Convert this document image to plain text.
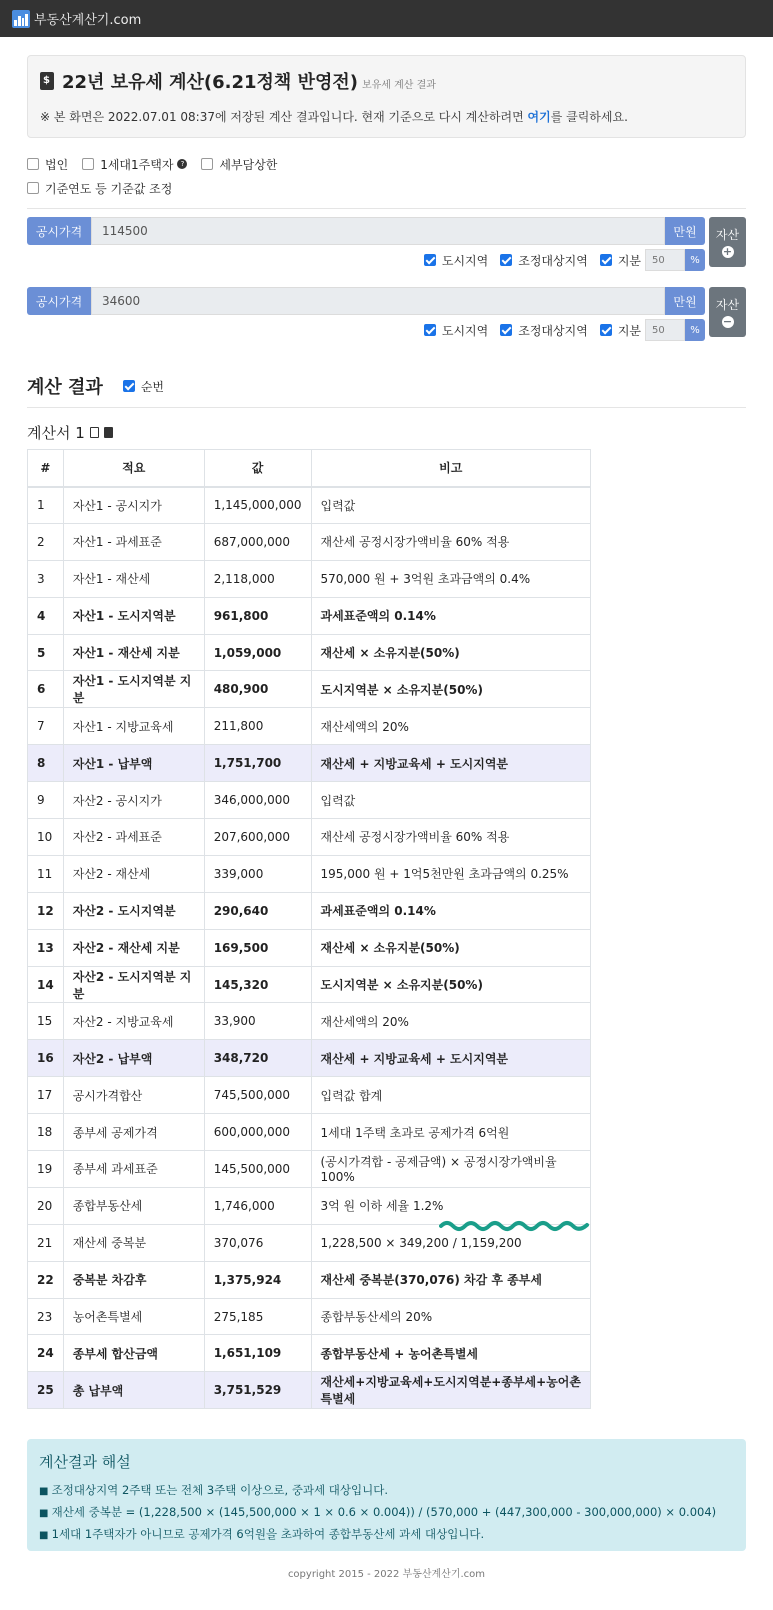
부동산계산기.com
$
22년 보유세 계산(6.21정책 반영전) 보유세 계산 결과
※ 본 화면은 2022.07.01 08:37에 저장된 계산 결과입니다. 현재 기준으로 다시 계산하려면 여기를 클릭하세요.
법인	1세대1주택자	?	세부담상한
기준연도 등 기준값 조정
공시가격	114500	만원
도시지역	조정대상지역	지분	50	%
자산
+
공시가격	34600	만원
도시지역	조정대상지역	지분	50	%
자산
−
계산 결과	순번
계산서 1
#	적요	값	비고
1	자산1 - 공시지가	1,145,000,000	입력값
2	자산1 - 과세표준	687,000,000	재산세 공정시장가액비율 60% 적용
3	자산1 - 재산세	2,118,000	570,000 원 + 3억원 초과금액의 0.4%
4	자산1 - 도시지역분	961,800	과세표준액의 0.14%
5	자산1 - 재산세 지분	1,059,000	재산세 × 소유지분(50%)
6	자산1 - 도시지역분 지분	480,900	도시지역분 × 소유지분(50%)
7	자산1 - 지방교육세	211,800	재산세액의 20%
8	자산1 - 납부액	1,751,700	재산세 + 지방교육세 + 도시지역분
9	자산2 - 공시지가	346,000,000	입력값
10	자산2 - 과세표준	207,600,000	재산세 공정시장가액비율 60% 적용
11	자산2 - 재산세	339,000	195,000 원 + 1억5천만원 초과금액의 0.25%
12	자산2 - 도시지역분	290,640	과세표준액의 0.14%
13	자산2 - 재산세 지분	169,500	재산세 × 소유지분(50%)
14	자산2 - 도시지역분 지분	145,320	도시지역분 × 소유지분(50%)
15	자산2 - 지방교육세	33,900	재산세액의 20%
16	자산2 - 납부액	348,720	재산세 + 지방교육세 + 도시지역분
17	공시가격합산	745,500,000	입력값 합계
18	종부세 공제가격	600,000,000	1세대 1주택 초과로 공제가격 6억원
19	종부세 과세표준	145,500,000	(공시가격합 - 공제금액) × 공정시장가액비율 100%
20	종합부동산세	1,746,000	3억 원 이하 세율 1.2%
21	재산세 중복분	370,076	1,228,500 × 349,200 / 1,159,200
22	중복분 차감후	1,375,924	재산세 중복분(370,076) 차감 후 종부세
23	농어촌특별세	275,185	종합부동산세의 20%
24	종부세 합산금액	1,651,109	종합부동산세 + 농어촌특별세
25	총 납부액	3,751,529	재산세+지방교육세+도시지역분+종부세+농어촌특별세
계산결과 해설
■ 조정대상지역 2주택 또는 전체 3주택 이상으로, 중과세 대상입니다.
■ 재산세 중복분 = (1,228,500 × (145,500,000 × 1 × 0.6 × 0.004)) / (570,000 + (447,300,000 - 300,000,000) × 0.004)
■ 1세대 1주택자가 아니므로 공제가격 6억원을 초과하여 종합부동산세 과세 대상입니다.
copyright 2015 - 2022 부동산계산기.com
